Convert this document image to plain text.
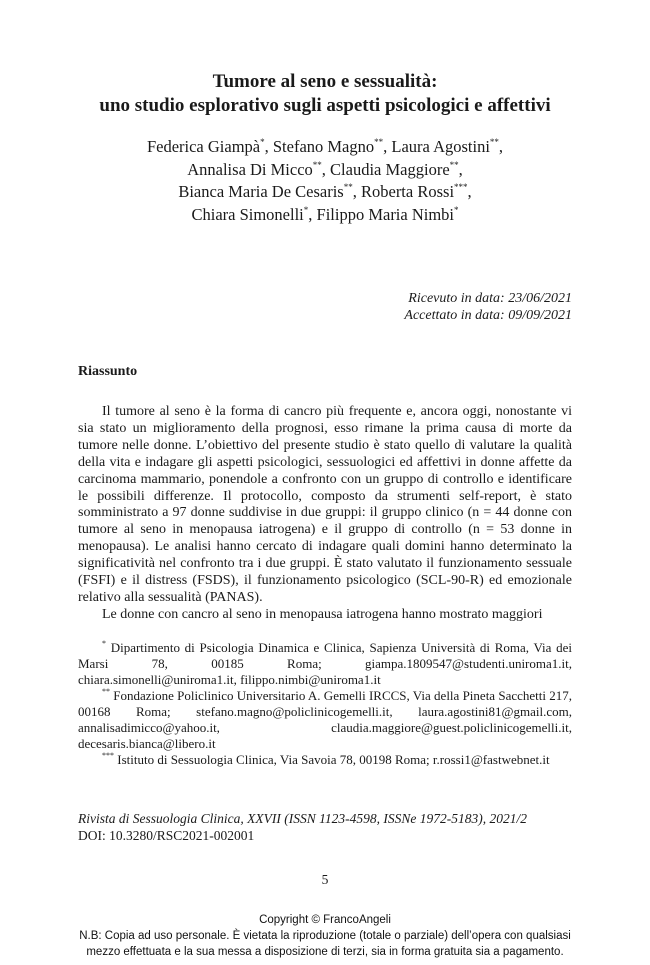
Tumore al seno e sessualità:
uno studio esplorativo sugli aspetti psicologici e affettivi
Federica Giampà*, Stefano Magno**, Laura Agostini**,
Annalisa Di Micco**, Claudia Maggiore**,
Bianca Maria De Cesaris**, Roberta Rossi***,
Chiara Simonelli*, Filippo Maria Nimbi*
Ricevuto in data: 23/06/2021
Accettato in data: 09/09/2021
Riassunto

Il tumore al seno è la forma di cancro più frequente e, ancora oggi, nonostante vi sia stato un miglioramento della prognosi, esso rimane la prima causa di morte da tumore nelle donne. L’obiettivo del presente studio è stato quello di valutare la qualità della vita e indagare gli aspetti psicologici, sessuologici ed affettivi in donne affette da carcinoma mammario, ponendole a confronto con un gruppo di controllo e identificare le possibili differenze. Il protocollo, composto da strumenti self-report, è stato somministrato a 97 donne suddivise in due gruppi: il gruppo clinico (n = 44 donne con tumore al seno in menopausa iatrogena) e il gruppo di controllo (n = 53 donne in menopausa). Le analisi hanno cercato di indagare quali domini hanno determinato la significatività nel confronto tra i due gruppi. È stato valutato il funzionamento sessuale (FSFI) e il distress (FSDS), il funzionamento psicologico (SCL-90-R) ed emozionale relativo alla sessualità (PANAS).

Le donne con cancro al seno in menopausa iatrogena hanno mostrato maggiori

* Dipartimento di Psicologia Dinamica e Clinica, Sapienza Università di Roma, Via dei Marsi 78, 00185 Roma; giampa.1809547@studenti.uniroma1.it, chiara.simonelli@uniroma1.it, filippo.nimbi@uniroma1.it

** Fondazione Policlinico Universitario A. Gemelli IRCCS, Via della Pineta Sacchetti 217, 00168 Roma; stefano.magno@policlinicogemelli.it, laura.agostini81@gmail.com, annalisadimicco@yahoo.it, claudia.maggiore@guest.policlinicogemelli.it, decesaris.bianca@libero.it

*** Istituto di Sessuologia Clinica, Via Savoia 78, 00198 Roma; r.rossi1@fastwebnet.it

Rivista di Sessuologia Clinica, XXVII (ISSN 1123-4598, ISSNe 1972-5183), 2021/2
DOI: 10.3280/RSC2021-002001
5
Copyright © FrancoAngeli
N.B: Copia ad uso personale. È vietata la riproduzione (totale o parziale) dell’opera con qualsiasi
mezzo effettuata e la sua messa a disposizione di terzi, sia in forma gratuita sia a pagamento.
